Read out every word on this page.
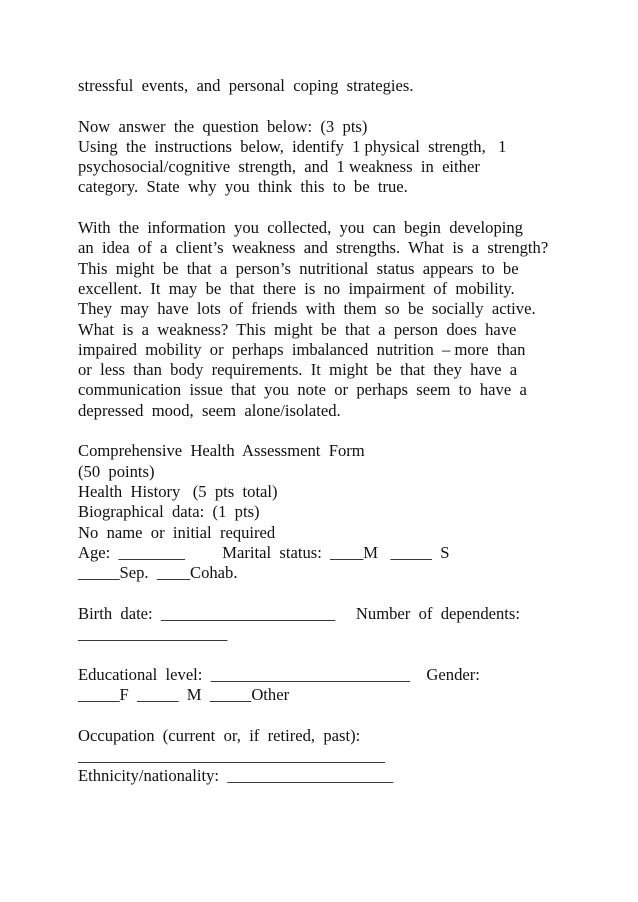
stressful  events,  and  personal  coping  strategies.
Now  answer  the  question  below:  (3  pts)
Using  the  instructions  below,  identify  1 physical  strength,   1
psychosocial/cognitive  strength,  and  1 weakness  in  either
category.  State  why  you  think  this  to  be  true.
With  the  information  you  collected,  you  can  begin  developing
an  idea  of  a  client’s  weakness  and  strengths.  What  is  a  strength?
This  might  be  that  a  person’s  nutritional  status  appears  to  be
excellent.  It  may  be  that  there  is  no  impairment  of  mobility.
They  may  have  lots  of  friends  with  them  so  be  socially  active.
What  is  a  weakness?  This  might  be  that  a  person  does  have
impaired  mobility  or  perhaps  imbalanced  nutrition  – more  than
or  less  than  body  requirements.  It  might  be  that  they  have  a
communication  issue  that  you  note  or  perhaps  seem  to  have  a
depressed  mood,  seem  alone/isolated.
Comprehensive  Health  Assessment  Form
(50  points)
Health  History   (5  pts  total)
Biographical  data:  (1  pts)
No  name  or  initial  required
Age:  ________         Marital  status:  ____M   _____  S
_____Sep.  ____Cohab.
Birth  date:  _____________________     Number  of  dependents:
__________________
Educational  level:  ________________________    Gender:
_____F  _____  M  _____Other
Occupation  (current  or,  if  retired,  past):
_____________________________________
Ethnicity/nationality:  ____________________
